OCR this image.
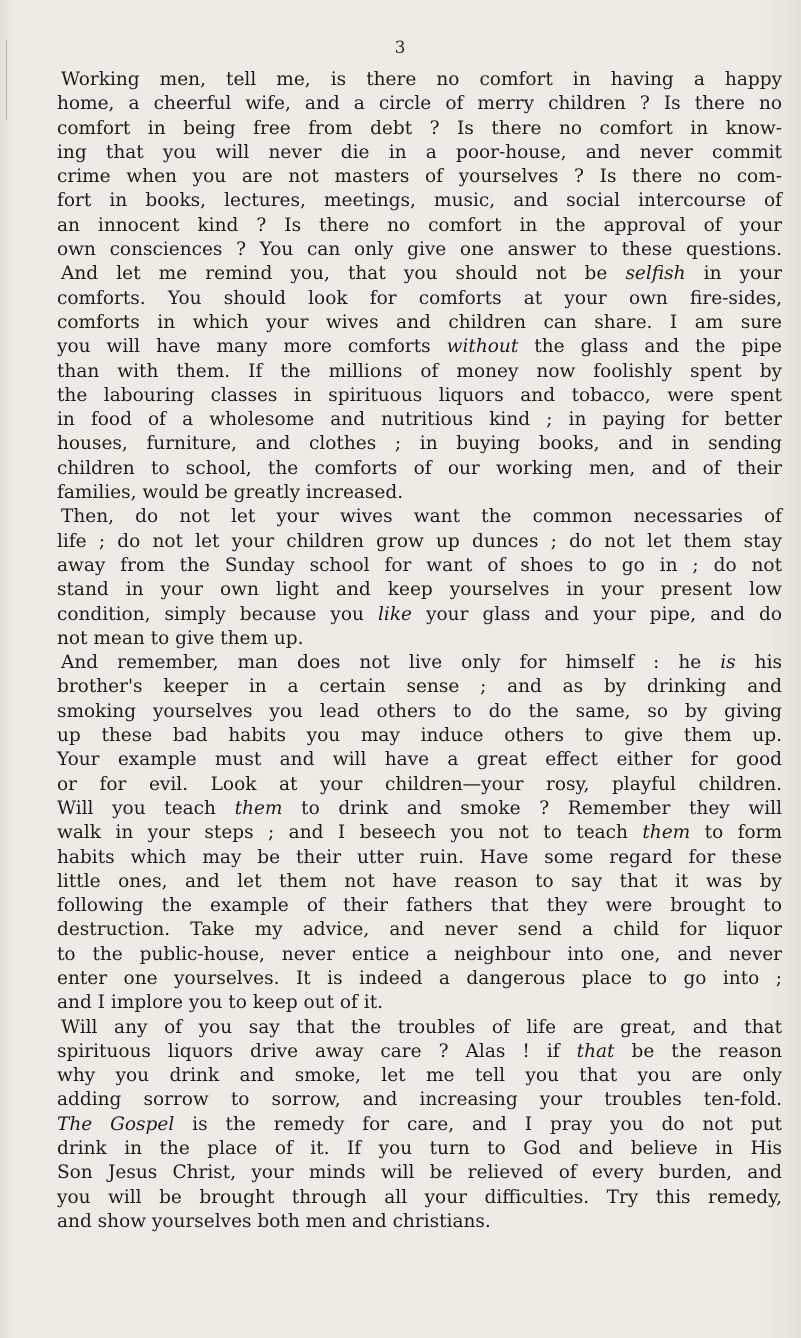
3
Working men, tell me, is there no comfort in having a happy
home, a cheerful wife, and a circle of merry children ? Is there no
comfort in being free from debt ? Is there no comfort in know-
ing that you will never die in a poor-house, and never commit
crime when you are not masters of yourselves ? Is there no com-
fort in books, lectures, meetings, music, and social intercourse of
an innocent kind ? Is there no comfort in the approval of your
own consciences ? You can only give one answer to these questions.
And let me remind you, that you should not be selfish in your
comforts. You should look for comforts at your own fire-sides,
comforts in which your wives and children can share. I am sure
you will have many more comforts without the glass and the pipe
than with them. If the millions of money now foolishly spent by
the labouring classes in spirituous liquors and tobacco, were spent
in food of a wholesome and nutritious kind ; in paying for better
houses, furniture, and clothes ; in buying books, and in sending
children to school, the comforts of our working men, and of their
families, would be greatly increased.
Then, do not let your wives want the common necessaries of
life ; do not let your children grow up dunces ; do not let them stay
away from the Sunday school for want of shoes to go in ; do not
stand in your own light and keep yourselves in your present low
condition, simply because you like your glass and your pipe, and do
not mean to give them up.
And remember, man does not live only for himself : he is his
brother's keeper in a certain sense ; and as by drinking and
smoking yourselves you lead others to do the same, so by giving
up these bad habits you may induce others to give them up.
Your example must and will have a great effect either for good
or for evil. Look at your children—your rosy, playful children.
Will you teach them to drink and smoke ? Remember they will
walk in your steps ; and I beseech you not to teach them to form
habits which may be their utter ruin. Have some regard for these
little ones, and let them not have reason to say that it was by
following the example of their fathers that they were brought to
destruction. Take my advice, and never send a child for liquor
to the public-house, never entice a neighbour into one, and never
enter one yourselves. It is indeed a dangerous place to go into ;
and I implore you to keep out of it.
Will any of you say that the troubles of life are great, and that
spirituous liquors drive away care ? Alas ! if that be the reason
why you drink and smoke, let me tell you that you are only
adding sorrow to sorrow, and increasing your troubles ten-fold.
The Gospel is the remedy for care, and I pray you do not put
drink in the place of it. If you turn to God and believe in His
Son Jesus Christ, your minds will be relieved of every burden, and
you will be brought through all your difficulties. Try this remedy,
and show yourselves both men and christians.
